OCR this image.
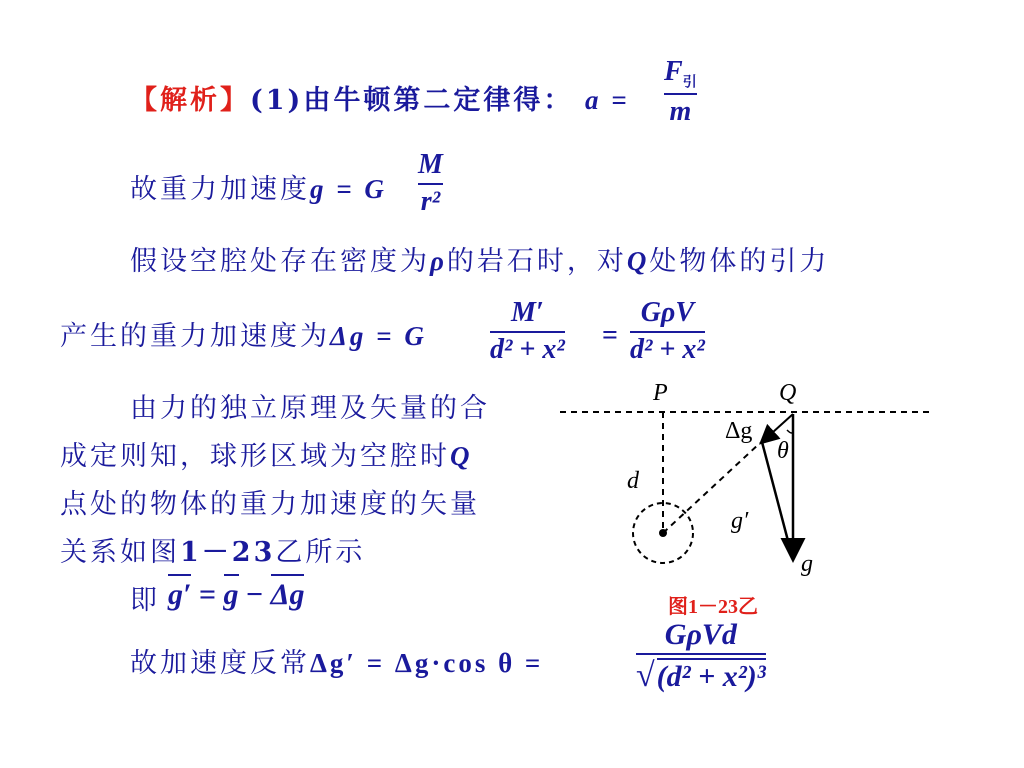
【解析】(1)由牛顿第二定律得： a =
$F_引$
m
故重力加速度g = G
M
r²
假设空腔处存在密度为ρ的岩石时，对Q处物体的引力
产生的重力加速度为Δg = G
M′
d² + x² =
GρV
d² + x²
由力的独立原理及矢量的合
成定则知，球形区域为空腔时Q
点处的物体的重力加速度的矢量
关系如图1－23乙所示
即 g′ = g − Δg
故加速度反常Δg′ = Δg·cos θ =
GρVd
√ (d² + x²)³
P	Q
d
Δg
θ
g′
g
图1－23乙
